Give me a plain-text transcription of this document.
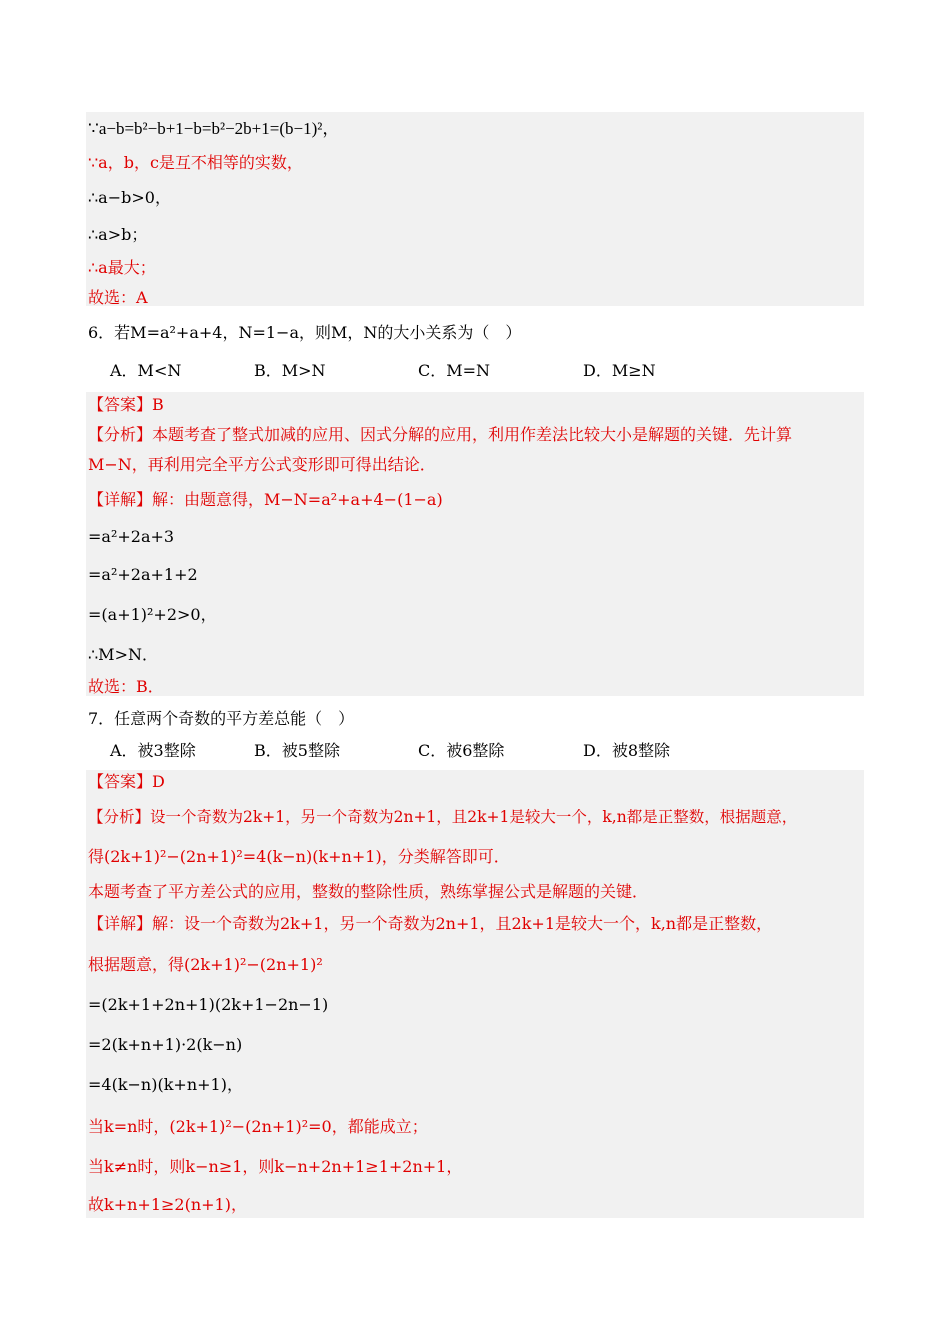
∵a−b=b²−b+1−b=b²−2b+1=(b−1)²，
∵a，b，c是互不相等的实数，
∴a−b>0，
∴a>b；
∴a最大；
故选：A
6．若M=a²+a+4，N=1−a，则M，N的大小关系为（　）
A．M<N	B．M>N	C．M=N	D．M≥N
【答案】B
【分析】本题考查了整式加减的应用、因式分解的应用，利用作差法比较大小是解题的关键．先计算
M−N，再利用完全平方公式变形即可得出结论．
【详解】解：由题意得，M−N=a²+a+4−(1−a)
=a²+2a+3
=a²+2a+1+2
=(a+1)²+2>0，
∴M>N．
故选：B．
7．任意两个奇数的平方差总能（　）
A．被3整除	B．被5整除	C．被6整除	D．被8整除
【答案】D
【分析】设一个奇数为2k+1，另一个奇数为2n+1，且2k+1是较大一个，k,n都是正整数，根据题意，
得(2k+1)²−(2n+1)²=4(k−n)(k+n+1)，分类解答即可．
本题考查了平方差公式的应用，整数的整除性质，熟练掌握公式是解题的关键．
【详解】解：设一个奇数为2k+1，另一个奇数为2n+1，且2k+1是较大一个，k,n都是正整数，
根据题意，得(2k+1)²−(2n+1)²
=(2k+1+2n+1)(2k+1−2n−1)
=2(k+n+1)·2(k−n)
=4(k−n)(k+n+1)，
当k=n时，(2k+1)²−(2n+1)²=0，都能成立；
当k≠n时，则k−n≥1，则k−n+2n+1≥1+2n+1，
故k+n+1≥2(n+1)，
